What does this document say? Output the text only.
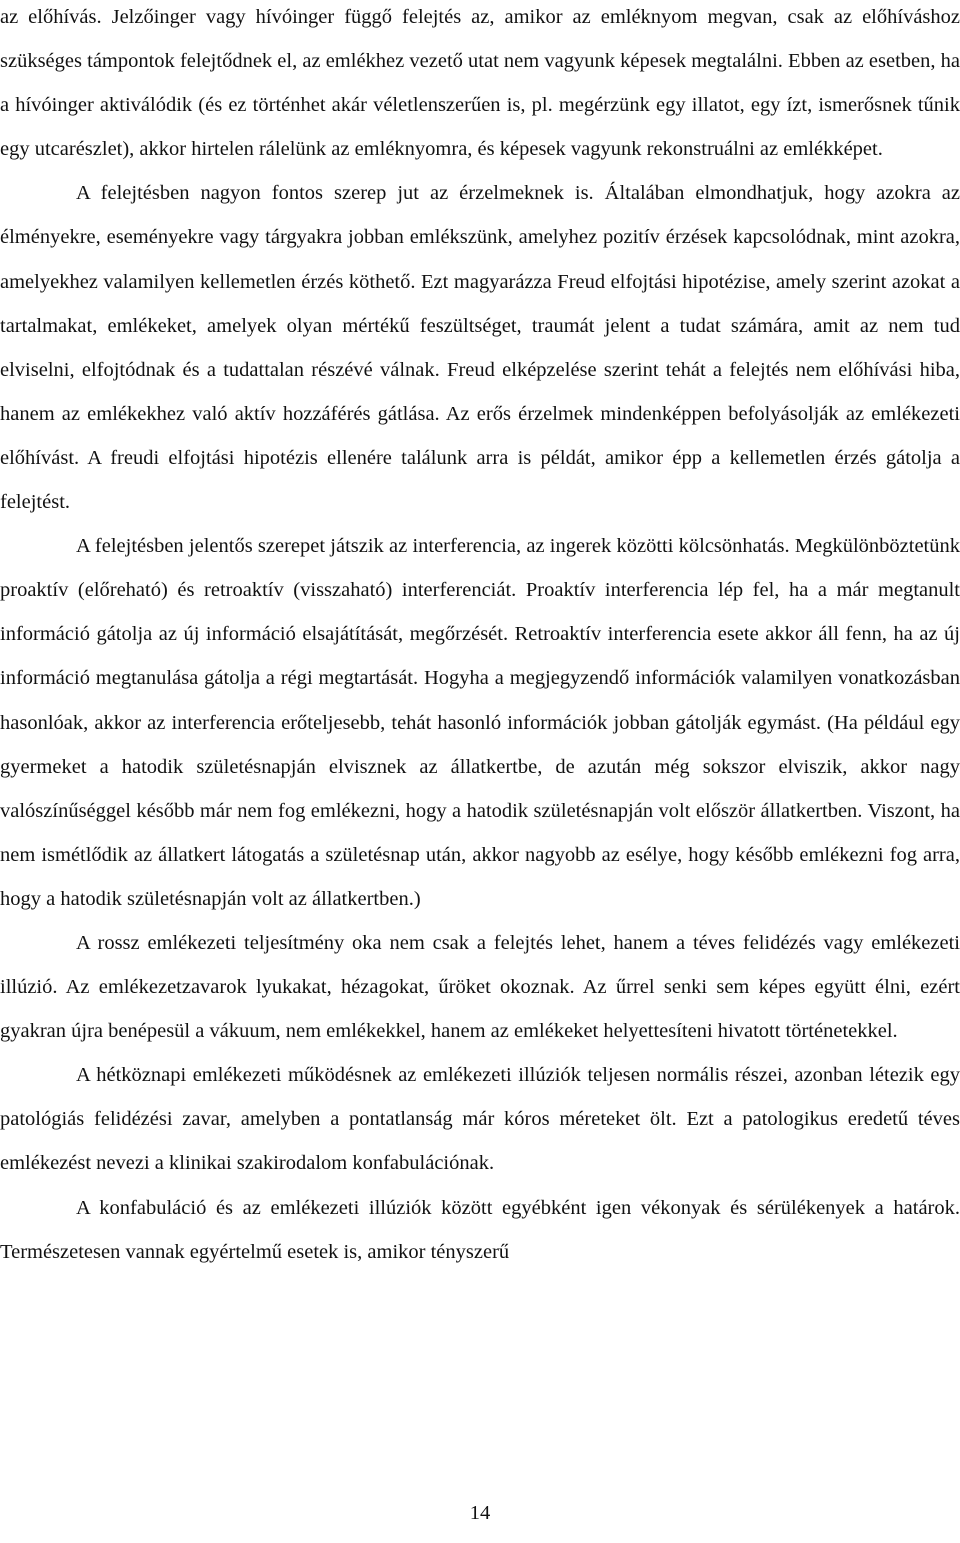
az előhívás. Jelzőinger vagy hívóinger függő felejtés az, amikor az emléknyom megvan, csak az előhíváshoz szükséges támpontok felejtődnek el, az emlékhez vezető utat nem vagyunk képesek megtalálni. Ebben az esetben, ha a hívóinger aktiválódik (és ez történhet akár véletlenszerűen is, pl. megérzünk egy illatot, egy ízt, ismerősnek tűnik egy utcarészlet), akkor hirtelen rálelünk az emléknyomra, és képesek vagyunk rekonstruálni az emlékképet.

A felejtésben nagyon fontos szerep jut az érzelmeknek is. Általában elmondhatjuk, hogy azokra az élményekre, eseményekre vagy tárgyakra jobban emlékszünk, amelyhez pozitív érzések kapcsolódnak, mint azokra, amelyekhez valamilyen kellemetlen érzés köthető. Ezt magyarázza Freud elfojtási hipotézise, amely szerint azokat a tartalmakat, emlékeket, amelyek olyan mértékű feszültséget, traumát jelent a tudat számára, amit az nem tud elviselni, elfojtódnak és a tudattalan részévé válnak. Freud elképzelése szerint tehát a felejtés nem előhívási hiba, hanem az emlékekhez való aktív hozzáférés gátlása. Az erős érzelmek mindenképpen befolyásolják az emlékezeti előhívást. A freudi elfojtási hipotézis ellenére találunk arra is példát, amikor épp a kellemetlen érzés gátolja a felejtést.

A felejtésben jelentős szerepet játszik az interferencia, az ingerek közötti kölcsönhatás. Megkülönböztetünk proaktív (előreható) és retroaktív (visszaható) interferenciát. Proaktív interferencia lép fel, ha a már megtanult információ gátolja az új információ elsajátítását, megőrzését. Retroaktív interferencia esete akkor áll fenn, ha az új információ megtanulása gátolja a régi megtartását. Hogyha a megjegyzendő információk valamilyen vonatkozásban hasonlóak, akkor az interferencia erőteljesebb, tehát hasonló információk jobban gátolják egymást. (Ha például egy gyermeket a hatodik születésnapján elvisznek az állatkertbe, de azután még sokszor elviszik, akkor nagy valószínűséggel később már nem fog emlékezni, hogy a hatodik születésnapján volt először állatkertben. Viszont, ha nem ismétlődik az állatkert látogatás a születésnap után, akkor nagyobb az esélye, hogy később emlékezni fog arra, hogy a hatodik születésnapján volt az állatkertben.)

A rossz emlékezeti teljesítmény oka nem csak a felejtés lehet, hanem a téves felidézés vagy emlékezeti illúzió. Az emlékezetzavarok lyukakat, hézagokat, űröket okoznak. Az űrrel senki sem képes együtt élni, ezért gyakran újra benépesül a vákuum, nem emlékekkel, hanem az emlékeket helyettesíteni hivatott történetekkel.

A hétköznapi emlékezeti működésnek az emlékezeti illúziók teljesen normális részei, azonban létezik egy patológiás felidézési zavar, amelyben a pontatlanság már kóros méreteket ölt. Ezt a patologikus eredetű téves emlékezést nevezi a klinikai szakirodalom konfabulációnak.

A konfabuláció és az emlékezeti illúziók között egyébként igen vékonyak és sérülékenyek a határok. Természetesen vannak egyértelmű esetek is, amikor tényszerű

14
